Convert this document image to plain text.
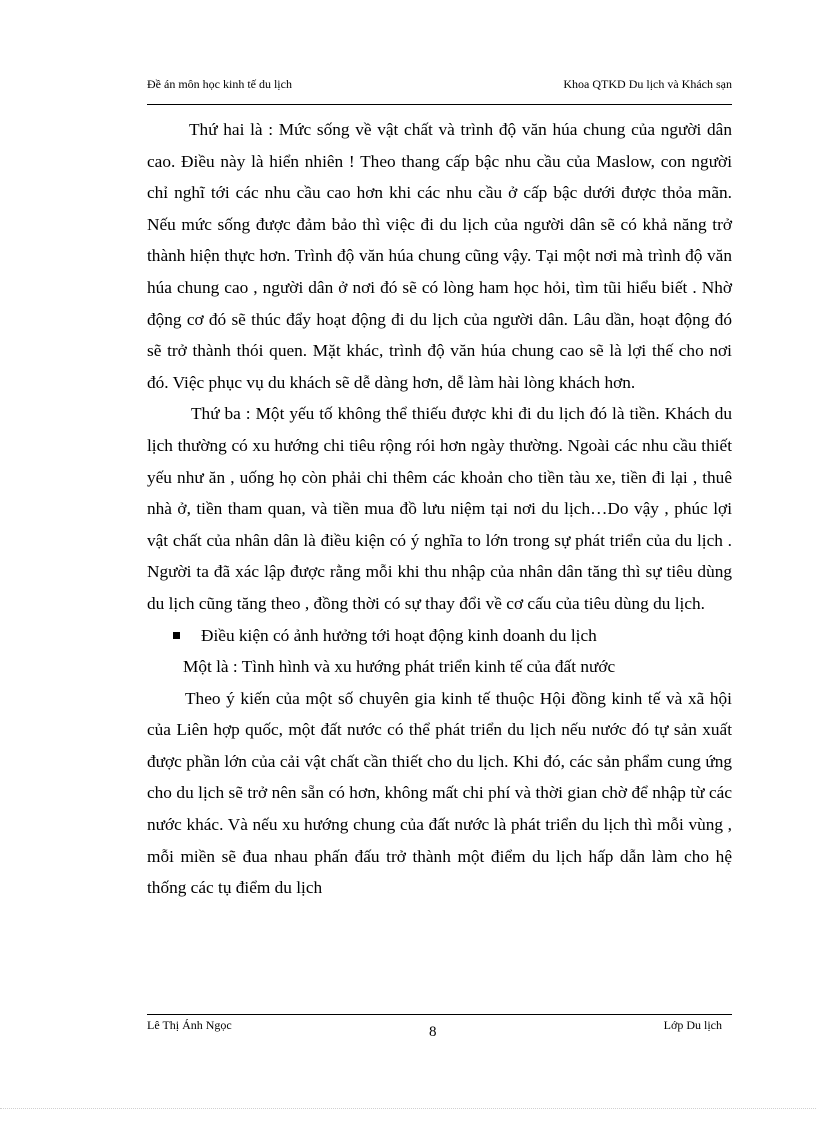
Đề án môn học kinh tế du lịch	Khoa QTKD Du lịch và Khách sạn

Thứ hai là : Mức sống về vật chất và trình độ văn húa chung của người dân cao. Điều này là hiển nhiên ! Theo thang cấp bậc nhu cầu của Maslow, con người chỉ nghĩ tới các nhu cầu cao hơn khi các nhu cầu ở cấp bậc dưới được thỏa mãn. Nếu mức sống được đảm bảo thì việc đi du lịch của người dân sẽ có khả năng trở thành hiện thực hơn. Trình độ văn húa chung cũng vậy. Tại một nơi mà trình độ văn húa chung cao , người dân ở nơi đó sẽ có lòng ham học hỏi, tìm tũi hiểu biết . Nhờ động cơ đó sẽ thúc đẩy hoạt động đi du lịch của người dân. Lâu dần, hoạt động đó sẽ trở thành thói quen. Mặt khác, trình độ văn húa chung cao sẽ là lợi thế cho nơi đó. Việc phục vụ du khách sẽ dễ dàng hơn, dễ làm hài lòng khách hơn.

Thứ ba : Một yếu tố không thể thiếu được khi đi du lịch đó là tiền. Khách du lịch thường có xu hướng chi tiêu rộng rói hơn ngày thường. Ngoài các nhu cầu thiết yếu như ăn , uống họ còn phải chi thêm các khoản cho tiền tàu xe, tiền đi lại , thuê nhà ở, tiền tham quan, và tiền mua đồ lưu niệm tại nơi du lịch…Do vậy , phúc lợi vật chất của nhân dân là điều kiện có ý nghĩa to lớn trong sự phát triển của du lịch . Người ta đã xác lập được rằng mỗi khi thu nhập của nhân dân tăng thì sự tiêu dùng du lịch cũng tăng theo , đồng thời có sự thay đổi về cơ cấu của tiêu dùng du lịch.

Điều kiện có ảnh hưởng tới hoạt động kinh doanh du lịch

Một là : Tình hình và xu hướng phát triển kinh tế của đất nước

Theo ý kiến của một số chuyên gia kinh tế thuộc Hội đồng kinh tế và xã hội của Liên hợp quốc, một đất nước có thể phát triển du lịch nếu nước đó tự sản xuất được phần lớn của cải vật chất cần thiết cho du lịch. Khi đó, các sản phẩm cung ứng cho du lịch sẽ trở nên sẵn có hơn, không mất chi phí và thời gian chờ để nhập từ các nước khác. Và nếu xu hướng chung của đất nước là phát triển du lịch thì mỗi vùng , mỗi miền sẽ đua nhau phấn đấu trở thành một điểm du lịch hấp dẫn làm cho hệ thống các tụ điểm du lịch

Lê Thị Ánh Ngọc	8	Lớp Du lịch
